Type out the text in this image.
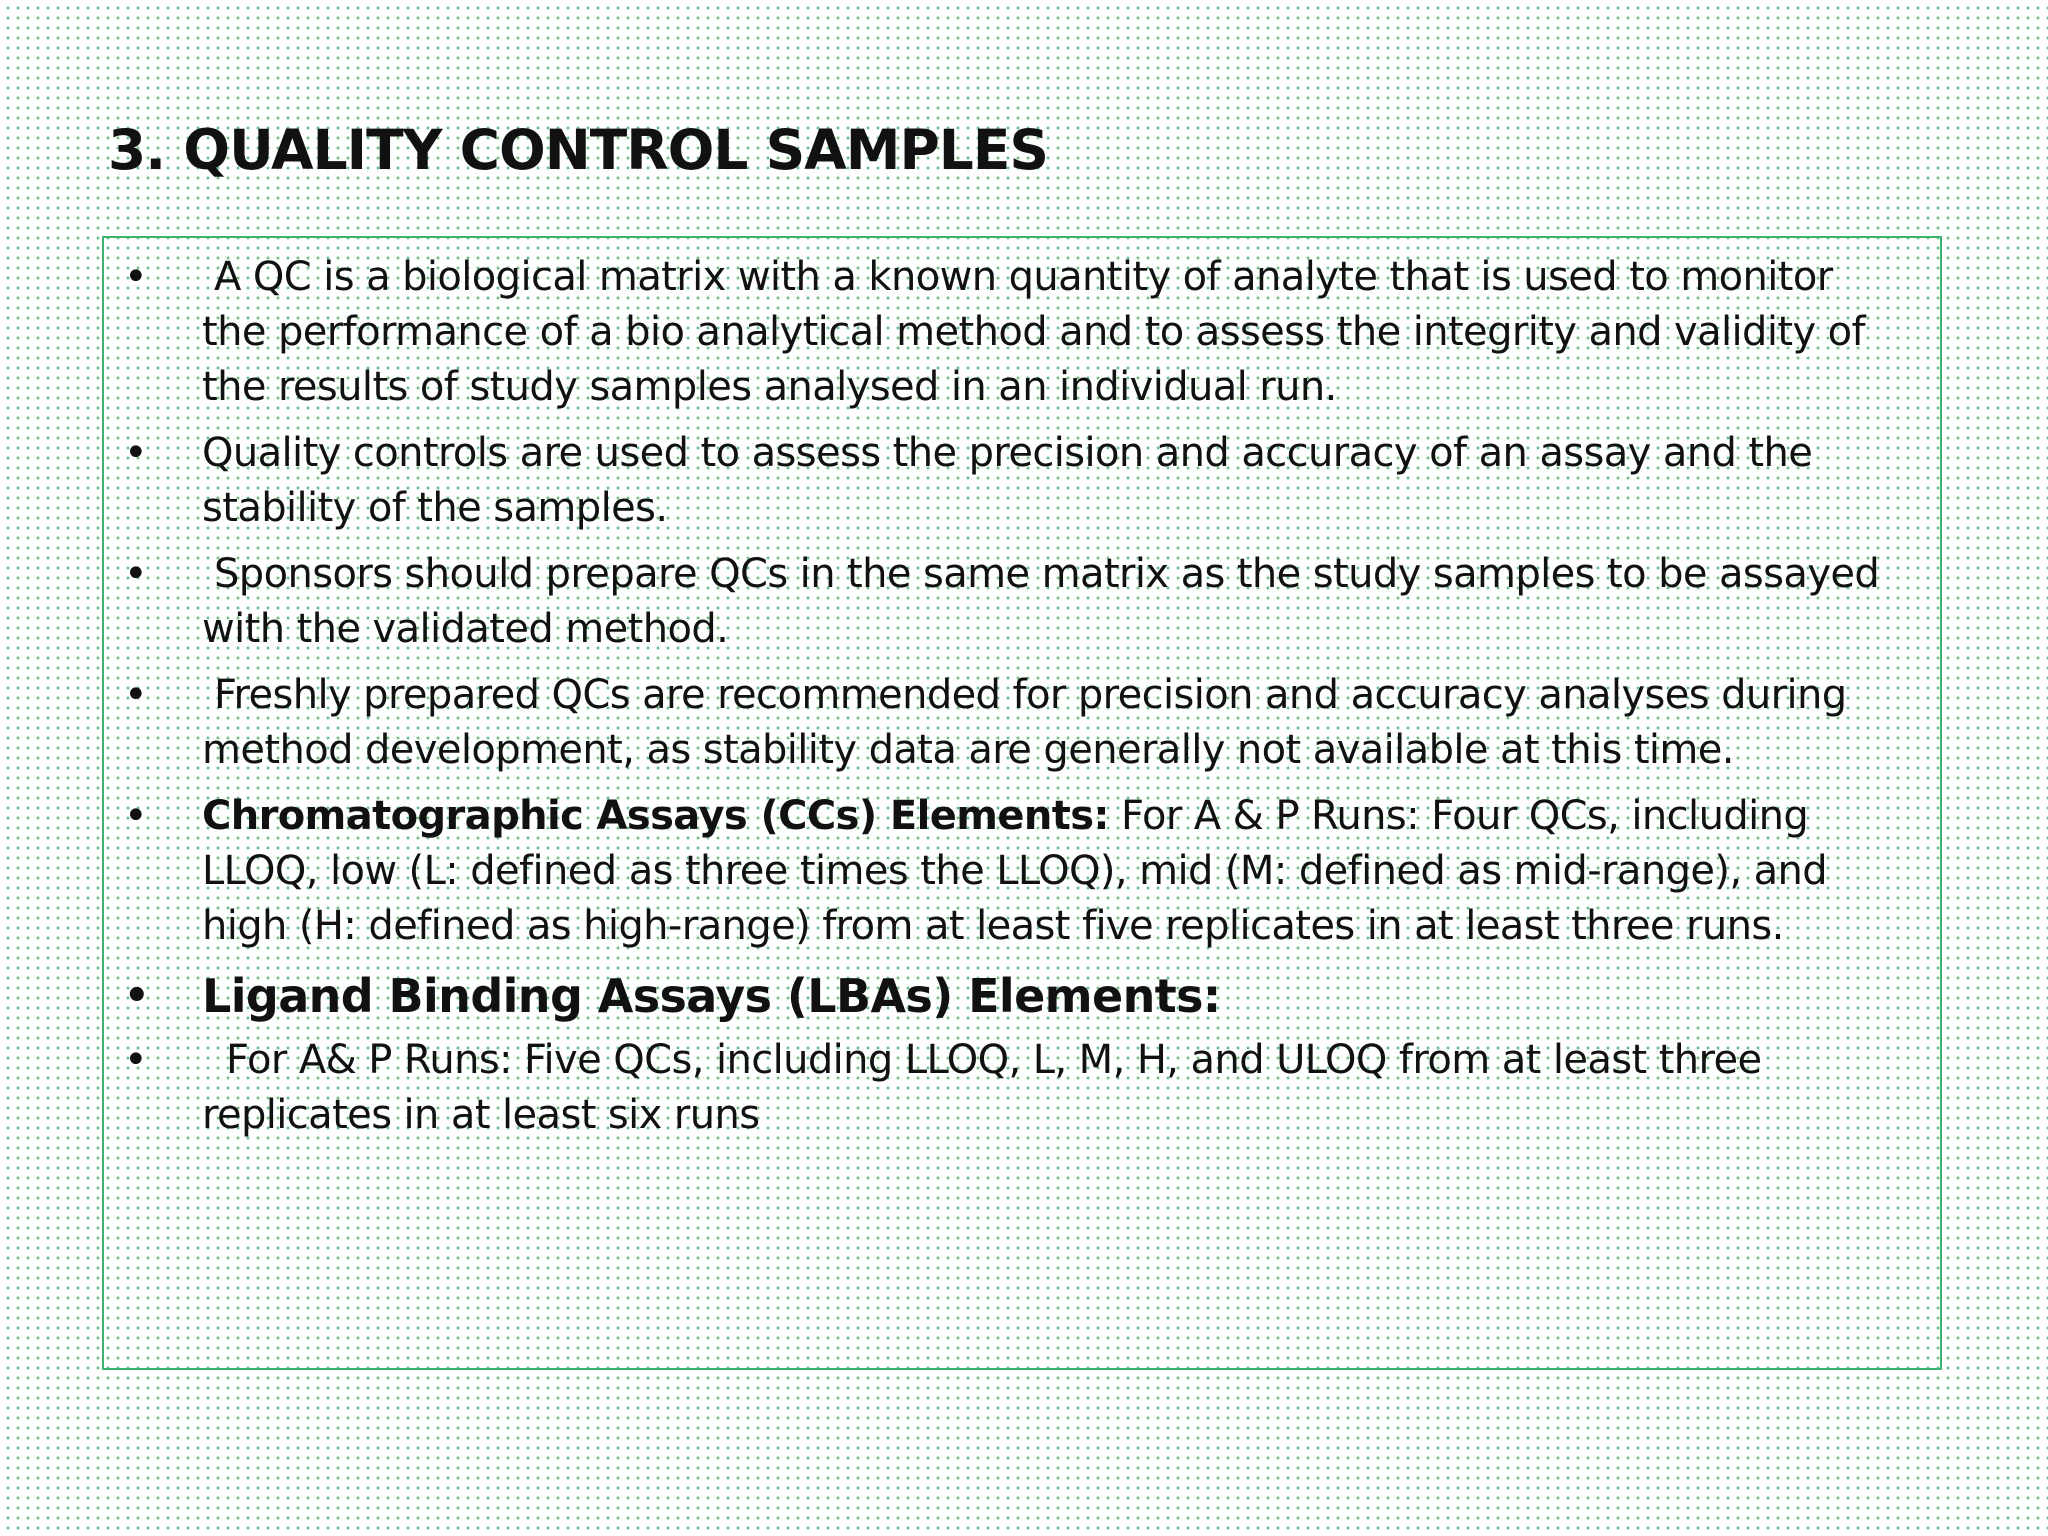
3. QUALITY CONTROL SAMPLES
• A QC is a biological matrix with a known quantity of analyte that is used to monitor the performance of a bio analytical method and to assess the integrity and validity of the results of study samples analysed in an individual run.
• Quality controls are used to assess the precision and accuracy of an assay and the stability of the samples.
• Sponsors should prepare QCs in the same matrix as the study samples to be assayed with the validated method.
• Freshly prepared QCs are recommended for precision and accuracy analyses during method development, as stability data are generally not available at this time.
• Chromatographic Assays (CCs) Elements: For A & P Runs: Four QCs, including LLOQ, low (L: defined as three times the LLOQ), mid (M: defined as mid-range), and high (H: defined as high-range) from at least five replicates in at least three runs.
• Ligand Binding Assays (LBAs) Elements:
• For A& P Runs: Five QCs, including LLOQ, L, M, H, and ULOQ from at least three replicates in at least six runs
